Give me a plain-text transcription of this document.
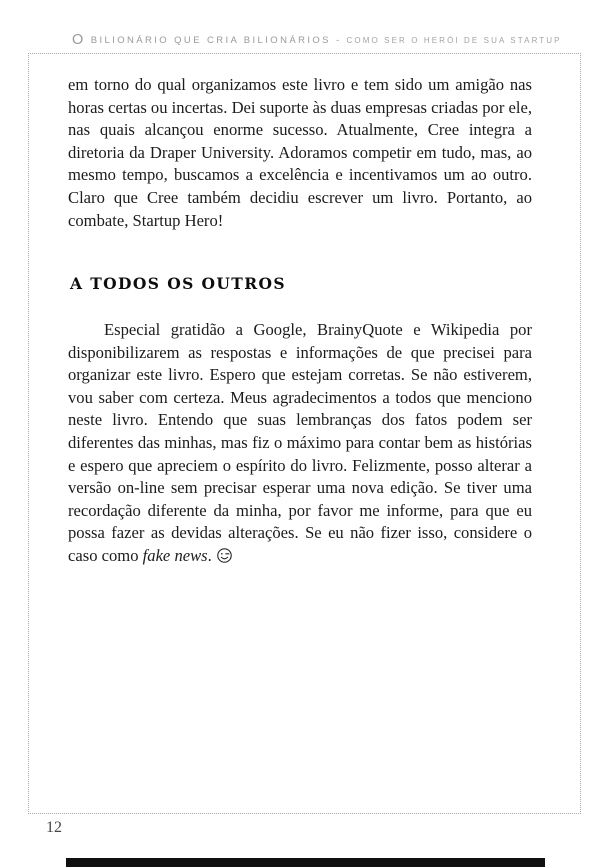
O BILIONÁRIO QUE CRIA BILIONÁRIOS - COMO SER O HERÓI DE SUA STARTUP

em torno do qual organizamos este livro e tem sido um amigão nas horas certas ou incertas. Dei suporte às duas empresas criadas por ele, nas quais alcançou enorme sucesso. Atualmente, Cree integra a diretoria da Draper University. Adoramos competir em tudo, mas, ao mesmo tempo, buscamos a excelência e incentivamos um ao outro. Claro que Cree também decidiu escrever um livro. Portanto, ao combate, Startup Hero!

A TODOS OS OUTROS

Especial gratidão a Google, BrainyQuote e Wikipedia por disponibilizarem as respostas e informações de que precisei para organizar este livro. Espero que estejam corretas. Se não estiverem, vou saber com certeza. Meus agradecimentos a todos que menciono neste livro. Entendo que suas lembranças dos fatos podem ser diferentes das minhas, mas fiz o máximo para contar bem as histórias e espero que apreciem o espírito do livro. Felizmente, posso alterar a versão on-line sem precisar esperar uma nova edição. Se tiver uma recordação diferente da minha, por favor me informe, para que eu possa fazer as devidas alterações. Se eu não fizer isso, considere o caso como fake news.

12
